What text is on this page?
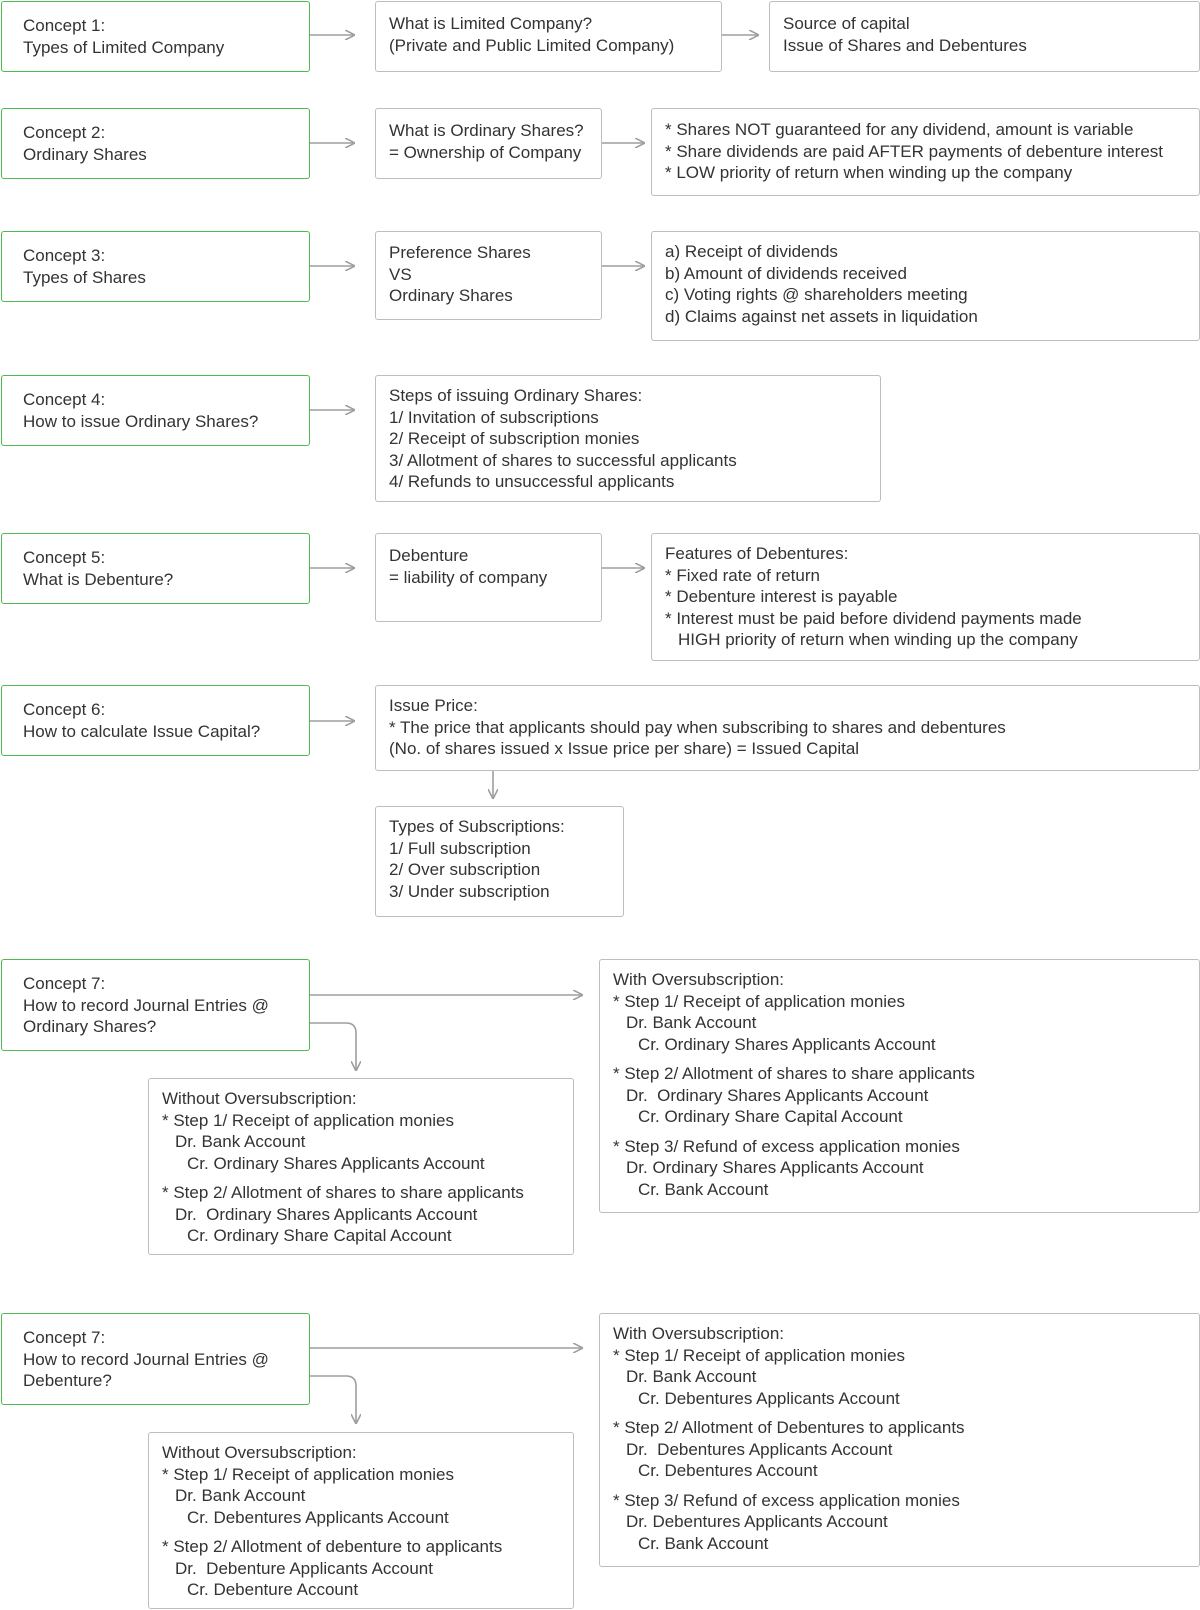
Concept 1:
Types of Limited Company
What is Limited Company?
(Private and Public Limited Company)
Source of capital
Issue of Shares and Debentures
Concept 2:
Ordinary Shares
What is Ordinary Shares?
= Ownership of Company
* Shares NOT guaranteed for any dividend, amount is variable
* Share dividends are paid AFTER payments of debenture interest
* LOW priority of return when winding up the company
Concept 3:
Types of Shares
Preference Shares
VS
Ordinary Shares
a) Receipt of dividends
b) Amount of dividends received
c) Voting rights @ shareholders meeting
d) Claims against net assets in liquidation
Concept 4:
How to issue Ordinary Shares?
Steps of issuing Ordinary Shares:
1/ Invitation of subscriptions
2/ Receipt of subscription monies
3/ Allotment of shares to successful applicants
4/ Refunds to unsuccessful applicants
Concept 5:
What is Debenture?
Debenture
= liability of company
Features of Debentures:
* Fixed rate of return
* Debenture interest is payable
* Interest must be paid before dividend payments made
HIGH priority of return when winding up the company
Concept 6:
How to calculate Issue Capital?
Issue Price:
* The price that applicants should pay when subscribing to shares and debentures
(No. of shares issued x Issue price per share) = Issued Capital
Types of Subscriptions:
1/ Full subscription
2/ Over subscription
3/ Under subscription
Concept 7:
How to record Journal Entries @
Ordinary Shares?
With Oversubscription:
* Step 1/ Receipt of application monies
Dr. Bank Account
Cr. Ordinary Shares Applicants Account
* Step 2/ Allotment of shares to share applicants
Dr.  Ordinary Shares Applicants Account
Cr. Ordinary Share Capital Account
* Step 3/ Refund of excess application monies
Dr. Ordinary Shares Applicants Account
Cr. Bank Account
Without Oversubscription:
* Step 1/ Receipt of application monies
Dr. Bank Account
Cr. Ordinary Shares Applicants Account
* Step 2/ Allotment of shares to share applicants
Dr.  Ordinary Shares Applicants Account
Cr. Ordinary Share Capital Account
Concept 7:
How to record Journal Entries @
Debenture?
With Oversubscription:
* Step 1/ Receipt of application monies
Dr. Bank Account
Cr. Debentures Applicants Account
* Step 2/ Allotment of Debentures to applicants
Dr.  Debentures Applicants Account
Cr. Debentures Account
* Step 3/ Refund of excess application monies
Dr. Debentures Applicants Account
Cr. Bank Account
Without Oversubscription:
* Step 1/ Receipt of application monies
Dr. Bank Account
Cr. Debentures Applicants Account
* Step 2/ Allotment of debenture to applicants
Dr.  Debenture Applicants Account
Cr. Debenture Account
